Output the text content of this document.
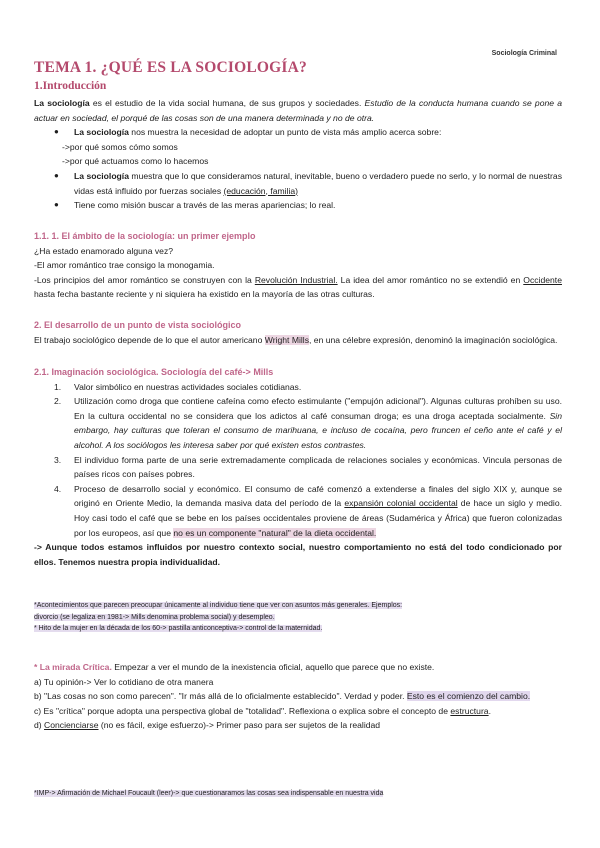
Sociología Criminal
TEMA 1. ¿QUÉ ES LA SOCIOLOGÍA?
1.Introducción
La sociología es el estudio de la vida social humana, de sus grupos y sociedades. Estudio de la conducta humana cuando se pone a actuar en sociedad, el porqué de las cosas son de una manera determinada y no de otra.
● La sociología nos muestra la necesidad de adoptar un punto de vista más amplio acerca sobre:
->por qué somos cómo somos
->por qué actuamos como lo hacemos
● La sociología muestra que lo que consideramos natural, inevitable, bueno o verdadero puede no serlo, y lo normal de nuestras vidas está influido por fuerzas sociales (educación, familia)
● Tiene como misión buscar a través de las meras apariencias; lo real.
1.1. 1. El ámbito de la sociología: un primer ejemplo
¿Ha estado enamorado alguna vez?
-El amor romántico trae consigo la monogamia.
-Los principios del amor romántico se construyen con la Revolución Industrial. La idea del amor romántico no se extendió en Occidente hasta fecha bastante reciente y ni siquiera ha existido en la mayoría de las otras culturas.
2. El desarrollo de un punto de vista sociológico
El trabajo sociológico depende de lo que el autor americano Wright Mills, en una célebre expresión, denominó la imaginación sociológica.
2.1. Imaginación sociológica. Sociología del café-> Mills
1. Valor simbólico en nuestras actividades sociales cotidianas.
2. Utilización como droga que contiene cafeína como efecto estimulante ("empujón adicional"). Algunas culturas prohíben su uso. En la cultura occidental no se considera que los adictos al café consuman droga; es una droga aceptada socialmente. Sin embargo, hay culturas que toleran el consumo de marihuana, e incluso de cocaína, pero fruncen el ceño ante el café y el alcohol. A los sociólogos les interesa saber por qué existen estos contrastes.
3. El individuo forma parte de una serie extremadamente complicada de relaciones sociales y económicas. Vincula personas de países ricos con países pobres.
4. Proceso de desarrollo social y económico. El consumo de café comenzó a extenderse a finales del siglo XIX y, aunque se originó en Oriente Medio, la demanda masiva data del período de la expansión colonial occidental de hace un siglo y medio. Hoy casi todo el café que se bebe en los países occidentales proviene de áreas (Sudamérica y África) que fueron colonizadas por los europeos, así que no es un componente "natural" de la dieta occidental.
-> Aunque todos estamos influidos por nuestro contexto social, nuestro comportamiento no está del todo condicionado por ellos. Tenemos nuestra propia individualidad.
*Acontecimientos que parecen preocupar únicamente al individuo tiene que ver con asuntos más generales. Ejemplos:
divorcio (se legaliza en 1981-> Mills denomina problema social) y desempleo.
* Hito de la mujer en la década de los 60-> pastilla anticonceptiva-> control de la maternidad.
* La mirada Crítica. Empezar a ver el mundo de la inexistencia oficial, aquello que parece que no existe.
a) Tu opinión-> Ver lo cotidiano de otra manera
b) "Las cosas no son como parecen". "Ir más allá de lo oficialmente establecido". Verdad y poder. Esto es el comienzo del cambio.
c) Es "crítica" porque adopta una perspectiva global de "totalidad". Reflexiona o explica sobre el concepto de estructura.
d) Concienciarse (no es fácil, exige esfuerzo)-> Primer paso para ser sujetos de la realidad
*IMP-> Afirmación de Michael Foucault (leer)-> que cuestionaramos las cosas sea indispensable en nuestra vida
